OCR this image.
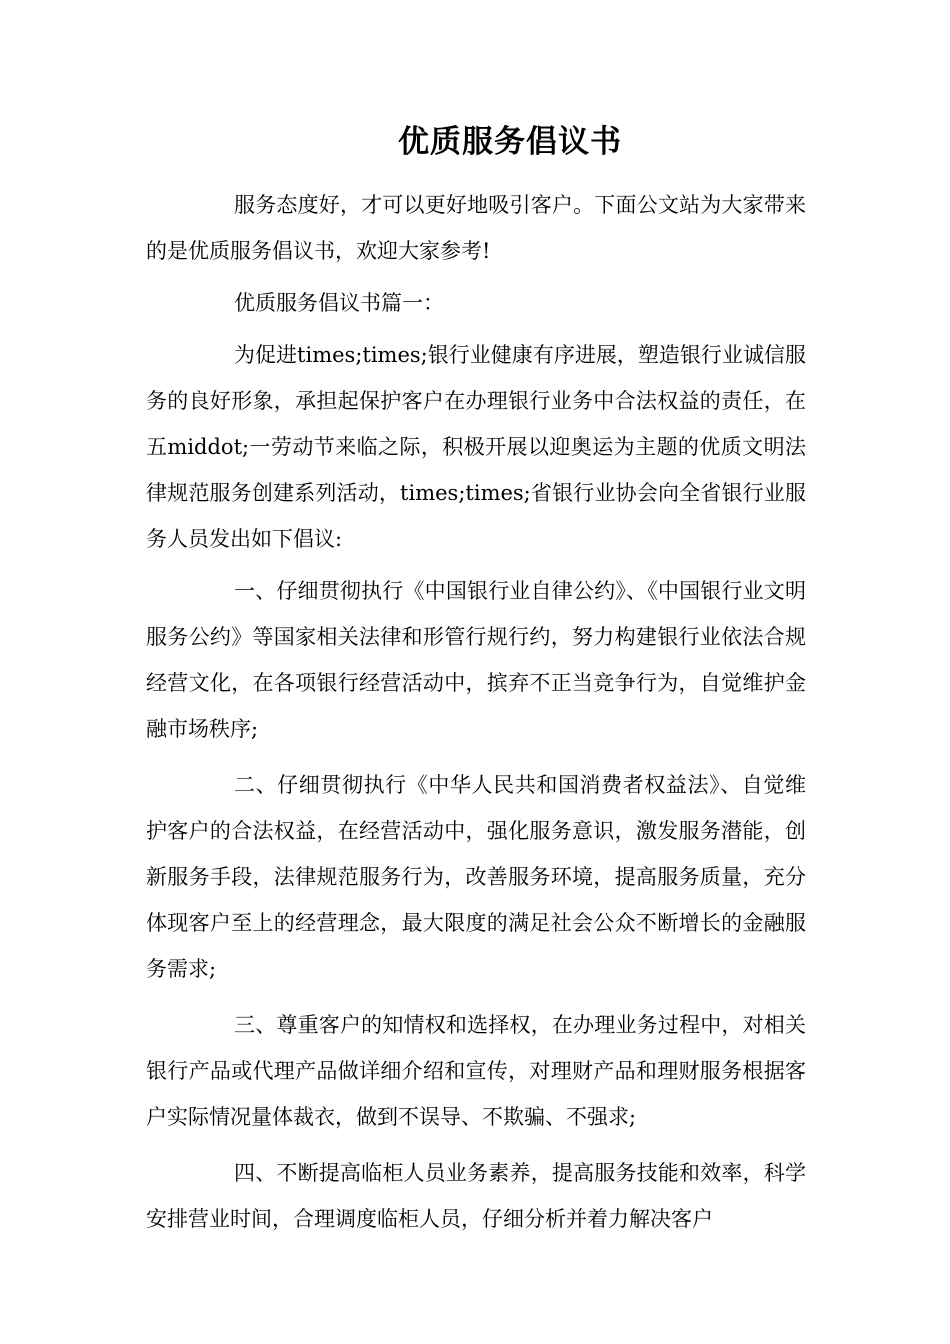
优质服务倡议书

服务态度好，才可以更好地吸引客户。下面公文站为大家带来的是优质服务倡议书，欢迎大家参考!

优质服务倡议书篇一：

为促进times;times;银行业健康有序进展，塑造银行业诚信服务的良好形象，承担起保护客户在办理银行业务中合法权益的责任，在五middot;一劳动节来临之际，积极开展以迎奥运为主题的优质文明法律规范服务创建系列活动，times;times;省银行业协会向全省银行业服务人员发出如下倡议:

一、仔细贯彻执行《中国银行业自律公约》、《中国银行业文明服务公约》等国家相关法律和形管行规行约，努力构建银行业依法合规经营文化，在各项银行经营活动中，摈弃不正当竞争行为，自觉维护金融市场秩序;

二、仔细贯彻执行《中华人民共和国消费者权益法》、自觉维护客户的合法权益，在经营活动中，强化服务意识，激发服务潜能，创新服务手段，法律规范服务行为，改善服务环境，提高服务质量，充分体现客户至上的经营理念，最大限度的满足社会公众不断增长的金融服务需求;

三、尊重客户的知情权和选择权，在办理业务过程中，对相关银行产品或代理产品做详细介绍和宣传，对理财产品和理财服务根据客户实际情况量体裁衣，做到不误导、不欺骗、不强求;

四、不断提高临柜人员业务素养，提高服务技能和效率，科学安排营业时间，合理调度临柜人员，仔细分析并着力解决客户
